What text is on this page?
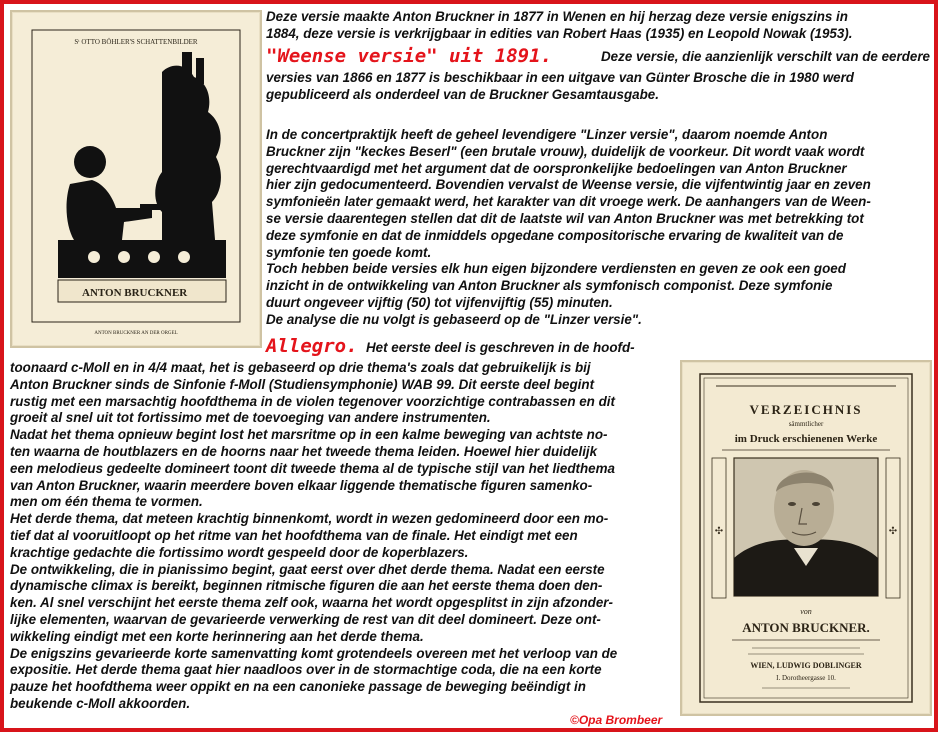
Sᵗ OTTO BÖHLER'S SCHATTENBILDER
ANTON BRUCKNER
ANTON BRUCKNER AN DER ORGEL
VERZEICHNIS
sämmtlicher
im Druck erschienenen Werke
✣	✣
von
ANTON BRUCKNER.
WIEN, LUDWIG DOBLINGER
I. Dorotheergasse 10.

Deze versie maakte Anton Bruckner in 1877 in Wenen en hij herzag deze versie enigszins in

1884, deze versie is verkrijgbaar in edities van Robert Haas (1935) en Leopold Nowak (1953).

"Weense versie" uit 1891.	Deze versie, die aanzienlijk verschilt van de eerdere

versies van 1866 en 1877 is beschikbaar in een uitgave van Günter Brosche die in 1980 werd

gepubliceerd als onderdeel van de Bruckner Gesamtausgabe.

In de concertpraktijk heeft de geheel levendigere "Linzer versie", daarom noemde Anton

Bruckner zijn "keckes Beserl" (een brutale vrouw), duidelijk de voorkeur. Dit wordt vaak wordt

gerechtvaardigd met het argument dat de oorspronkelijke bedoelingen van Anton Bruckner

hier zijn gedocumenteerd. Bovendien vervalst de Weense versie, die vijfentwintig jaar en zeven

symfonieën later gemaakt werd, het karakter van dit vroege werk. De aanhangers van de Ween-

se versie daarentegen stellen dat dit de laatste wil van Anton Bruckner was met betrekking tot

deze symfonie en dat de inmiddels opgedane compositorische ervaring de kwaliteit van de

symfonie ten goede komt.

Toch hebben beide versies elk hun eigen bijzondere verdiensten en geven ze ook een goed

inzicht in de ontwikkeling van Anton Bruckner als symfonisch componist. Deze symfonie

duurt ongeveer vijftig (50) tot vijfenvijftig (55) minuten.

De analyse die nu volgt is gebaseerd op de "Linzer versie".

Allegro. Het eerste deel is geschreven in de hoofd-

toonaard c-Moll en in 4/4 maat, het is gebaseerd op drie thema's zoals dat gebruikelijk is bij

Anton Bruckner sinds de Sinfonie f-Moll (Studiensymphonie) WAB 99. Dit eerste deel begint

rustig met een marsachtig hoofdthema in de violen tegenover voorzichtige contrabassen en dit

groeit al snel uit tot fortissimo met de toevoeging van andere instrumenten.

Nadat het thema opnieuw begint lost het marsritme op in een kalme beweging van achtste no-

ten waarna de houtblazers en de hoorns naar het tweede thema leiden. Hoewel hier duidelijk

een melodieus gedeelte domineert toont dit tweede thema al de typische stijl van het liedthema

van Anton Bruckner, waarin meerdere boven elkaar liggende thematische figuren samenko-

men om één thema te vormen.

Het derde thema, dat meteen krachtig binnenkomt, wordt in wezen gedomineerd door een mo-

tief dat al vooruitloopt op het ritme van het hoofdthema van de finale. Het eindigt met een

krachtige gedachte die fortissimo wordt gespeeld door de koperblazers.

De ontwikkeling, die in pianissimo begint, gaat eerst over dhet derde thema. Nadat een eerste

dynamische climax is bereikt, beginnen ritmische figuren die aan het eerste thema doen den-

ken. Al snel verschijnt het eerste thema zelf ook, waarna het wordt opgesplitst in zijn afzonder-

lijke elementen, waarvan de gevarieerde verwerking de rest van dit deel domineert. Deze ont-

wikkeling eindigt met een korte herinnering aan het derde thema.

De enigszins gevarieerde korte samenvatting komt grotendeels overeen met het verloop van de

expositie. Het derde thema gaat hier naadloos over in de stormachtige coda, die na een korte

pauze het hoofdthema weer oppikt en na een canonieke passage de beweging beëindigt in

beukende c-Moll akkoorden.

©Opa Brombeer
